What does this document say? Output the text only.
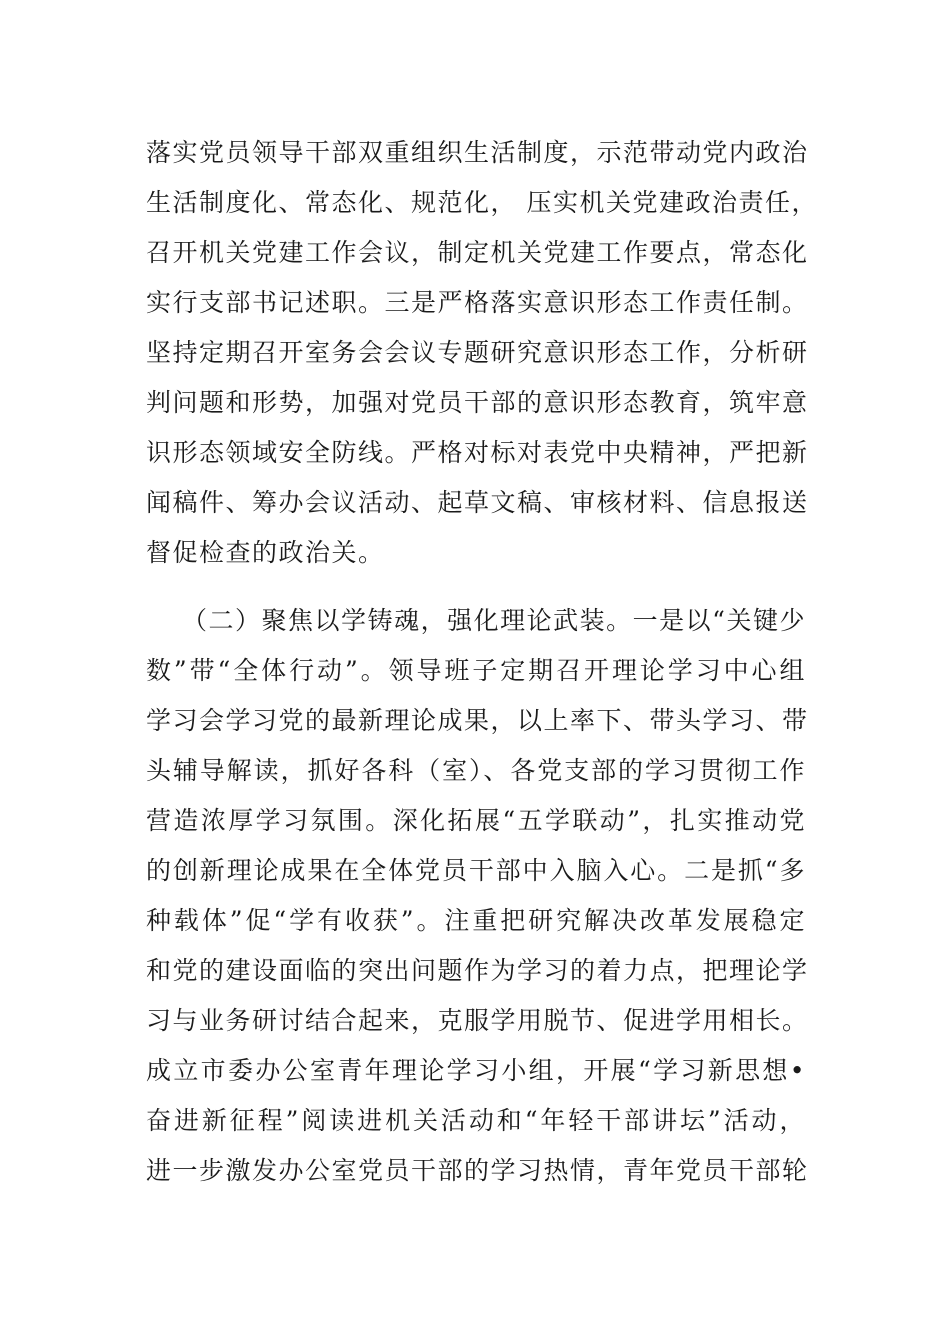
落实党员领导干部双重组织生活制度，示范带动党内政治
生活制度化、常态化、规范化， 压实机关党建政治责任，
召开机关党建工作会议，制定机关党建工作要点，常态化
实行支部书记述职。三是严格落实意识形态工作责任制。
坚持定期召开室务会会议专题研究意识形态工作，分析研
判问题和形势，加强对党员干部的意识形态教育，筑牢意
识形态领域安全防线。严格对标对表党中央精神，严把新
闻稿件、筹办会议活动、起草文稿、审核材料、信息报送
督促检查的政治关。
（二）聚焦以学铸魂，强化理论武装。一是以“关键少
数”带“全体行动”。领导班子定期召开理论学习中心组
学习会学习党的最新理论成果，以上率下、带头学习、带
头辅导解读，抓好各科（室）、各党支部的学习贯彻工作
营造浓厚学习氛围。深化拓展“五学联动”，扎实推动党
的创新理论成果在全体党员干部中入脑入心。二是抓“多
种载体”促“学有收获”。注重把研究解决改革发展稳定
和党的建设面临的突出问题作为学习的着力点，把理论学
习与业务研讨结合起来，克服学用脱节、促进学用相长。
成立市委办公室青年理论学习小组，开展“学习新思想•
奋进新征程”阅读进机关活动和“年轻干部讲坛”活动，
进一步激发办公室党员干部的学习热情，青年党员干部轮
